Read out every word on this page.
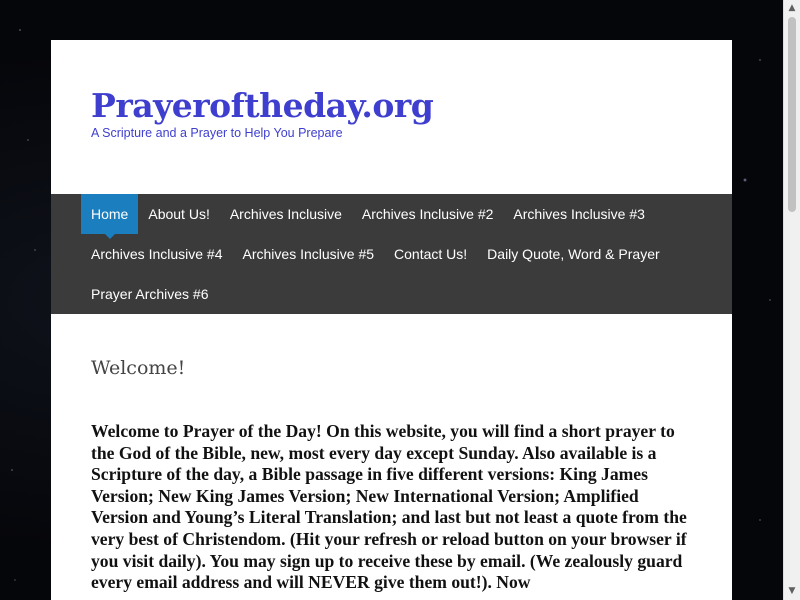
Prayeroftheday.org
A Scripture and a Prayer to Help You Prepare
Home	About Us!	Archives Inclusive	Archives Inclusive #2	Archives Inclusive #3
Archives Inclusive #4	Archives Inclusive #5	Contact Us!	Daily Quote, Word & Prayer
Prayer Archives #6
Welcome!

Welcome to Prayer of the Day! On this website, you will find a short prayer to the God of the Bible, new, most every day except Sunday. Also available is a Scripture of the day, a Bible passage in five different versions: King James Version; New King James Version; New International Version; Amplified Version and Young’s Literal Translation; and last but not least a quote from the very best of Christendom. (Hit your refresh or reload button on your browser if you visit daily). You may sign up to receive these by email. (We zealously guard every email address and will NEVER give them out!). Now

▲
▼
